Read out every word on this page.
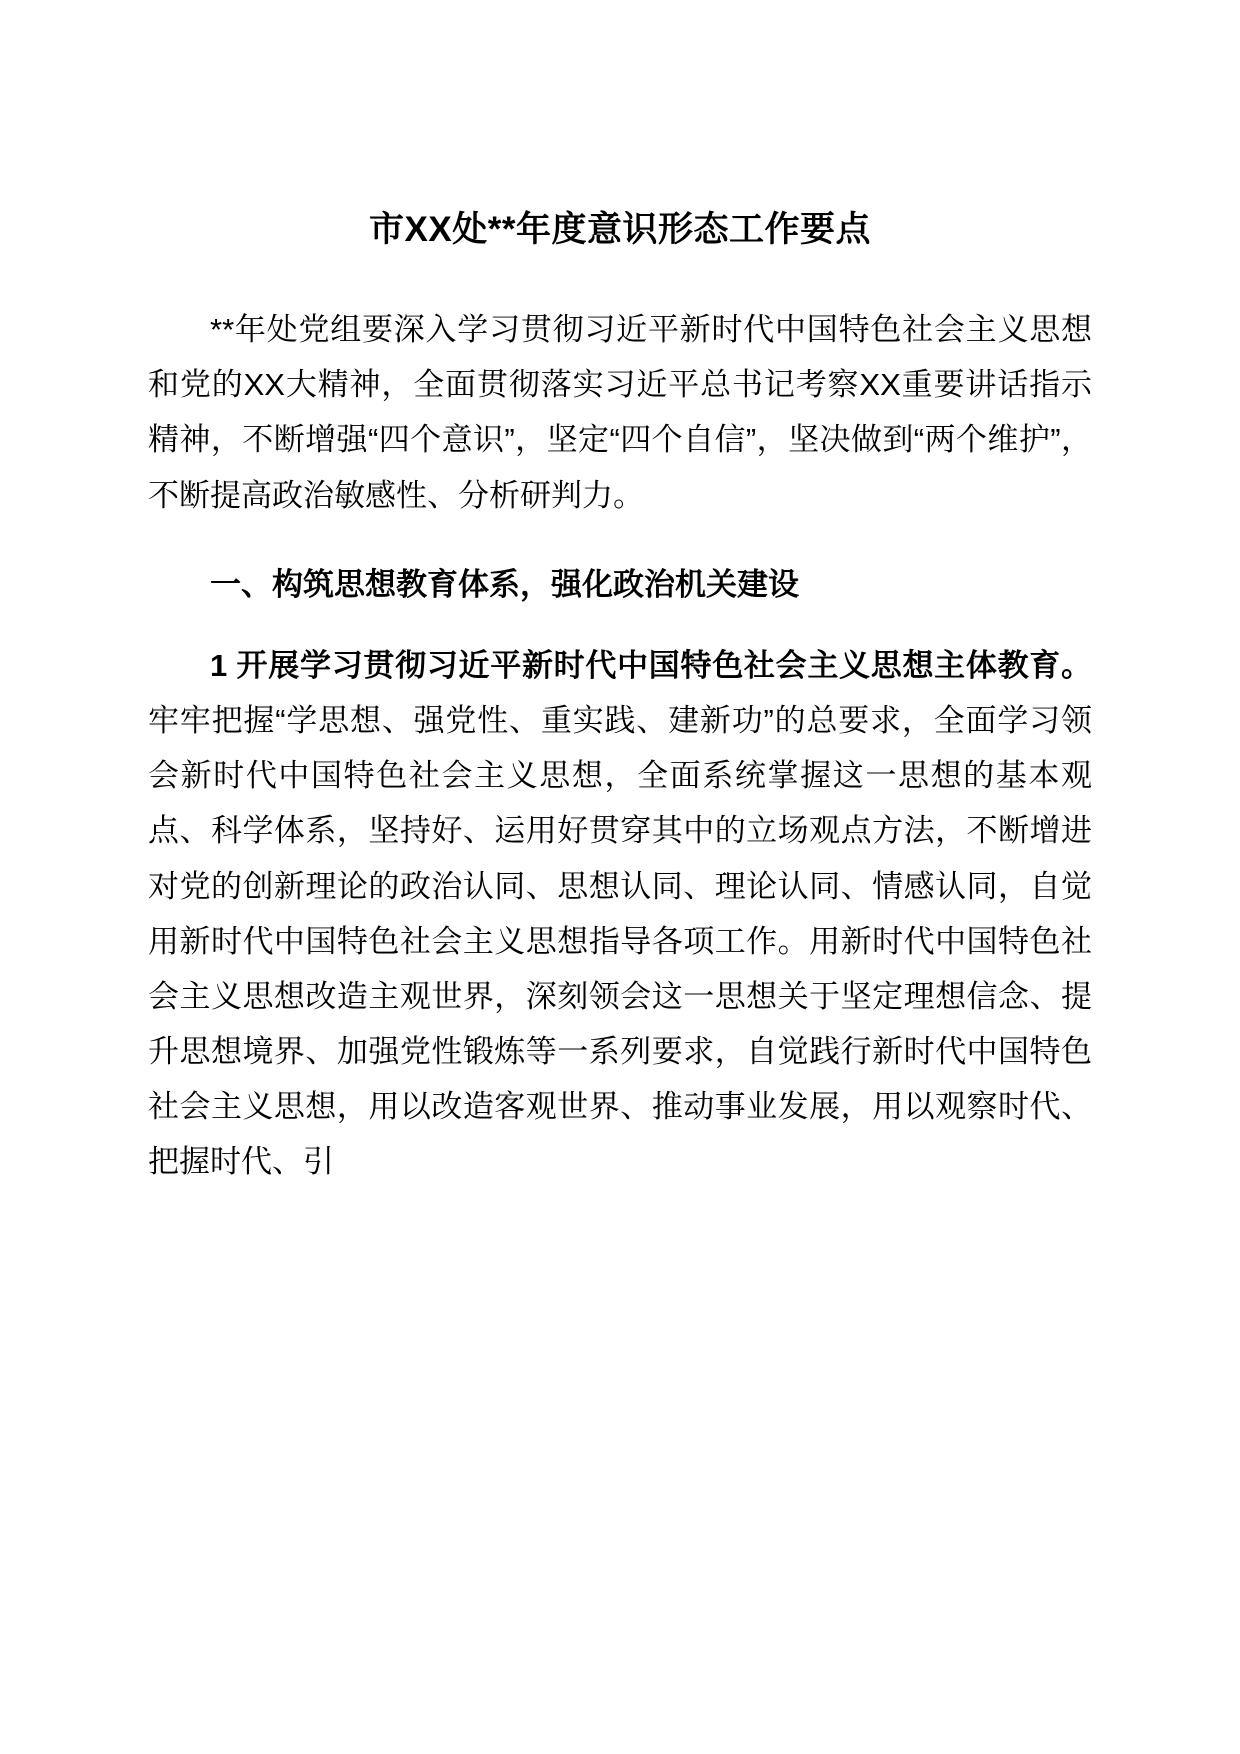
市XX处**年度意识形态工作要点

**年处党组要深入学习贯彻习近平新时代中国特色社会主义思想和党的XX大精神，全面贯彻落实习近平总书记考察XX重要讲话指示精神，不断增强“四个意识”，坚定“四个自信”，坚决做到“两个维护”，不断提高政治敏感性、分析研判力。

一、构筑思想教育体系，强化政治机关建设

1 开展学习贯彻习近平新时代中国特色社会主义思想主体教育。牢牢把握“学思想、强党性、重实践、建新功”的总要求，全面学习领会新时代中国特色社会主义思想，全面系统掌握这一思想的基本观点、科学体系，坚持好、运用好贯穿其中的立场观点方法，不断增进对党的创新理论的政治认同、思想认同、理论认同、情感认同，自觉用新时代中国特色社会主义思想指导各项工作。用新时代中国特色社会主义思想改造主观世界，深刻领会这一思想关于坚定理想信念、提升思想境界、加强党性锻炼等一系列要求，自觉践行新时代中国特色社会主义思想，用以改造客观世界、推动事业发展，用以观察时代、把握时代、引
